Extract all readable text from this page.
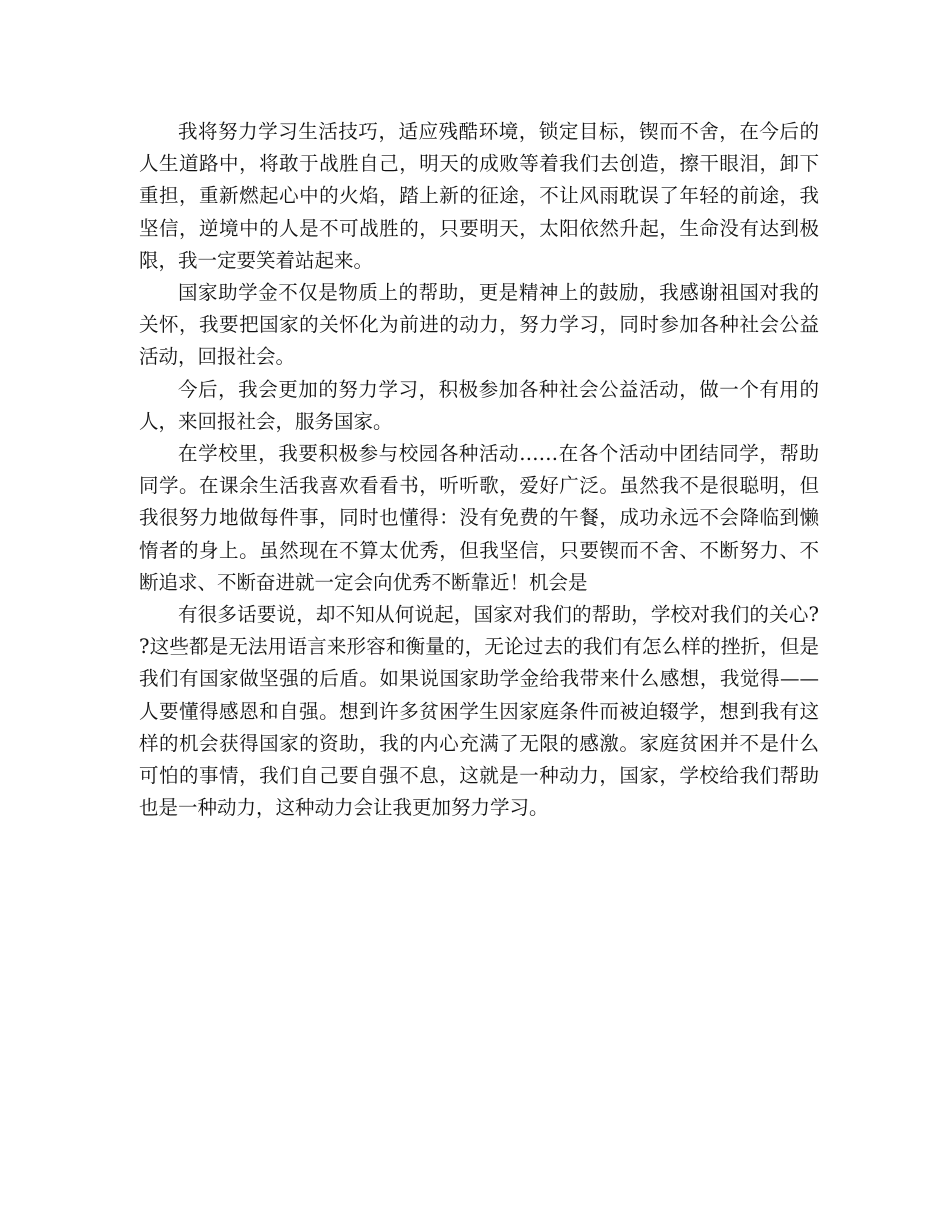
我将努力学习生活技巧，适应残酷环境，锁定目标，锲而不舍，在今后的人生道路中，将敢于战胜自己，明天的成败等着我们去创造，擦干眼泪，卸下重担，重新燃起心中的火焰，踏上新的征途，不让风雨耽误了年轻的前途，我坚信，逆境中的人是不可战胜的，只要明天，太阳依然升起，生命没有达到极限，我一定要笑着站起来。

国家助学金不仅是物质上的帮助，更是精神上的鼓励，我感谢祖国对我的关怀，我要把国家的关怀化为前进的动力，努力学习，同时参加各种社会公益活动，回报社会。

今后，我会更加的努力学习，积极参加各种社会公益活动，做一个有用的人，来回报社会，服务国家。

在学校里，我要积极参与校园各种活动……在各个活动中团结同学，帮助同学。在课余生活我喜欢看看书，听听歌，爱好广泛。虽然我不是很聪明，但我很努力地做每件事，同时也懂得：没有免费的午餐，成功永远不会降临到懒惰者的身上。虽然现在不算太优秀，但我坚信，只要锲而不舍、不断努力、不断追求、不断奋进就一定会向优秀不断靠近！机会是

有很多话要说，却不知从何说起，国家对我们的帮助，学校对我们的关心??这些都是无法用语言来形容和衡量的，无论过去的我们有怎么样的挫折，但是我们有国家做坚强的后盾。如果说国家助学金给我带来什么感想，我觉得——人要懂得感恩和自强。想到许多贫困学生因家庭条件而被迫辍学，想到我有这样的机会获得国家的资助，我的内心充满了无限的感激。家庭贫困并不是什么可怕的事情，我们自己要自强不息，这就是一种动力，国家，学校给我们帮助也是一种动力，这种动力会让我更加努力学习。
